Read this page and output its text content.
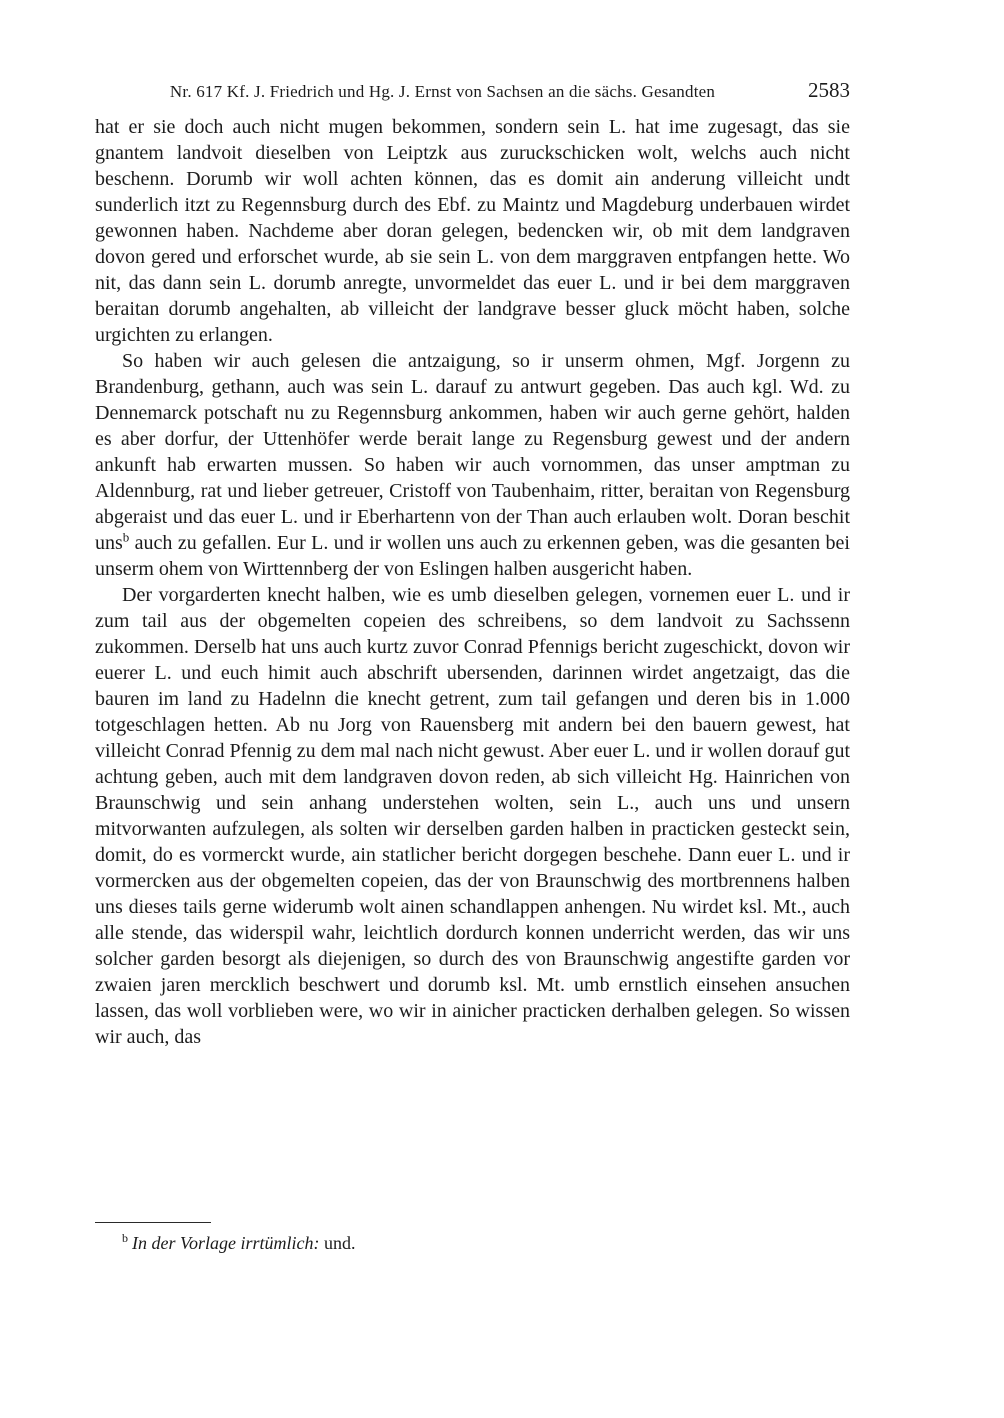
Nr. 617 Kf. J. Friedrich und Hg. J. Ernst von Sachsen an die sächs. Gesandten	2583

hat er sie doch auch nicht mugen bekommen, sondern sein L. hat ime zugesagt, das sie gnantem landvoit dieselben von Leiptzk aus zuruckschicken wolt, welchs auch nicht beschenn. Dorumb wir woll achten können, das es domit ain anderung villeicht undt sunderlich itzt zu Regennsburg durch des Ebf. zu Maintz und Magdeburg underbauen wirdet gewonnen haben. Nachdeme aber doran gelegen, bedencken wir, ob mit dem landgraven dovon gered und erforschet wurde, ab sie sein L. von dem marggraven entpfangen hette. Wo nit, das dann sein L. dorumb anregte, unvormeldet das euer L. und ir bei dem marggraven beraitan dorumb angehalten, ab villeicht der landgrave besser gluck möcht haben, solche urgichten zu erlangen.

So haben wir auch gelesen die antzaigung, so ir unserm ohmen, Mgf. Jorgenn zu Brandenburg, gethann, auch was sein L. darauf zu antwurt gegeben. Das auch kgl. Wd. zu Dennemarck potschaft nu zu Regennsburg ankommen, haben wir auch gerne gehört, halden es aber dorfur, der Uttenhöfer werde berait lange zu Regensburg gewest und der andern ankunft hab erwarten mussen. So haben wir auch vornommen, das unser amptman zu Aldennburg, rat und lieber getreuer, Cristoff von Taubenhaim, ritter, beraitan von Regensburg abgeraist und das euer L. und ir Eberhartenn von der Than auch erlauben wolt. Doran beschit uns$^b$ auch zu gefallen. Eur L. und ir wollen uns auch zu erkennen geben, was die gesanten bei unserm ohem von Wirttennberg der von Eslingen halben ausgericht haben.

Der vorgarderten knecht halben, wie es umb dieselben gelegen, vornemen euer L. und ir zum tail aus der obgemelten copeien des schreibens, so dem landvoit zu Sachssenn zukommen. Derselb hat uns auch kurtz zuvor Conrad Pfennigs bericht zugeschickt, dovon wir euerer L. und euch himit auch abschrift ubersenden, darinnen wirdet angetzaigt, das die bauren im land zu Hadelnn die knecht getrent, zum tail gefangen und deren bis in 1.000 totgeschlagen hetten. Ab nu Jorg von Rauensberg mit andern bei den bauern gewest, hat villeicht Conrad Pfennig zu dem mal nach nicht gewust. Aber euer L. und ir wollen dorauf gut achtung geben, auch mit dem landgraven dovon reden, ab sich villeicht Hg. Hainrichen von Braunschwig und sein anhang understehen wolten, sein L., auch uns und unsern mitvorwanten aufzulegen, als solten wir derselben garden halben in practicken gesteckt sein, domit, do es vormerckt wurde, ain statlicher bericht dorgegen beschehe. Dann euer L. und ir vormercken aus der obgemelten copeien, das der von Braunschwig des mortbrennens halben uns dieses tails gerne widerumb wolt ainen schandlappen anhengen. Nu wirdet ksl. Mt., auch alle stende, das widerspil wahr, leichtlich dordurch konnen underricht werden, das wir uns solcher garden besorgt als diejenigen, so durch des von Braunschwig angestifte garden vor zwaien jaren mercklich beschwert und dorumb ksl. Mt. umb ernstlich einsehen ansuchen lassen, das woll vorblieben were, wo wir in ainicher practicken derhalben gelegen. So wissen wir auch, das

$^b$ In der Vorlage irrtümlich: und.
